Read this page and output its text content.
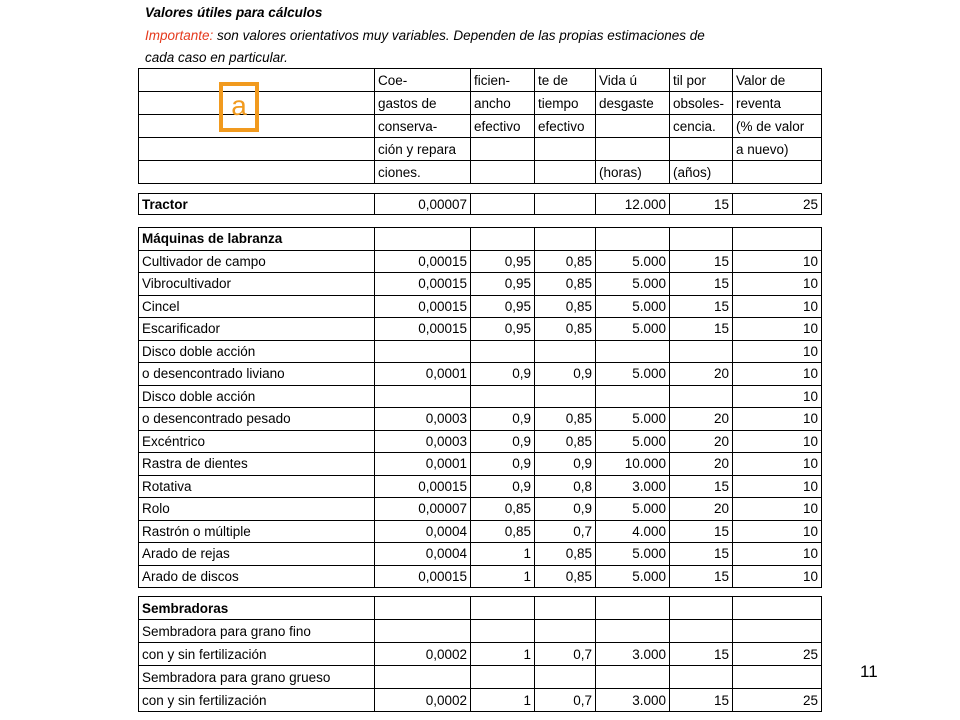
Valores útiles para cálculos
Importante: son valores orientativos muy variables. Dependen de las propias estimaciones de
cada caso en particular.
	Coe-	ficien-	te de	Vida ú	til por	Valor de
	gastos de	ancho	tiempo	desgaste	obsoles-	reventa
	conserva-	efectivo	efectivo		cencia.	(% de valor
	ción y repara					a nuevo)
	ciones.			(horas)	(años)	
a
Tractor	0,00007			12.000	15	25
Máquinas de labranza						
Cultivador de campo	0,00015	0,95	0,85	5.000	15	10
Vibrocultivador	0,00015	0,95	0,85	5.000	15	10
Cincel	0,00015	0,95	0,85	5.000	15	10
Escarificador	0,00015	0,95	0,85	5.000	15	10
Disco doble acción						10
o desencontrado liviano	0,0001	0,9	0,9	5.000	20	10
Disco doble acción						10
o desencontrado pesado	0,0003	0,9	0,85	5.000	20	10
Excéntrico	0,0003	0,9	0,85	5.000	20	10
Rastra de dientes	0,0001	0,9	0,9	10.000	20	10
Rotativa	0,00015	0,9	0,8	3.000	15	10
Rolo	0,00007	0,85	0,9	5.000	20	10
Rastrón o múltiple	0,0004	0,85	0,7	4.000	15	10
Arado de rejas	0,0004	1	0,85	5.000	15	10
Arado de discos	0,00015	1	0,85	5.000	15	10
Sembradoras						
Sembradora para grano fino						
con y sin fertilización	0,0002	1	0,7	3.000	15	25
Sembradora para grano grueso						
con y sin fertilización	0,0002	1	0,7	3.000	15	25
11
